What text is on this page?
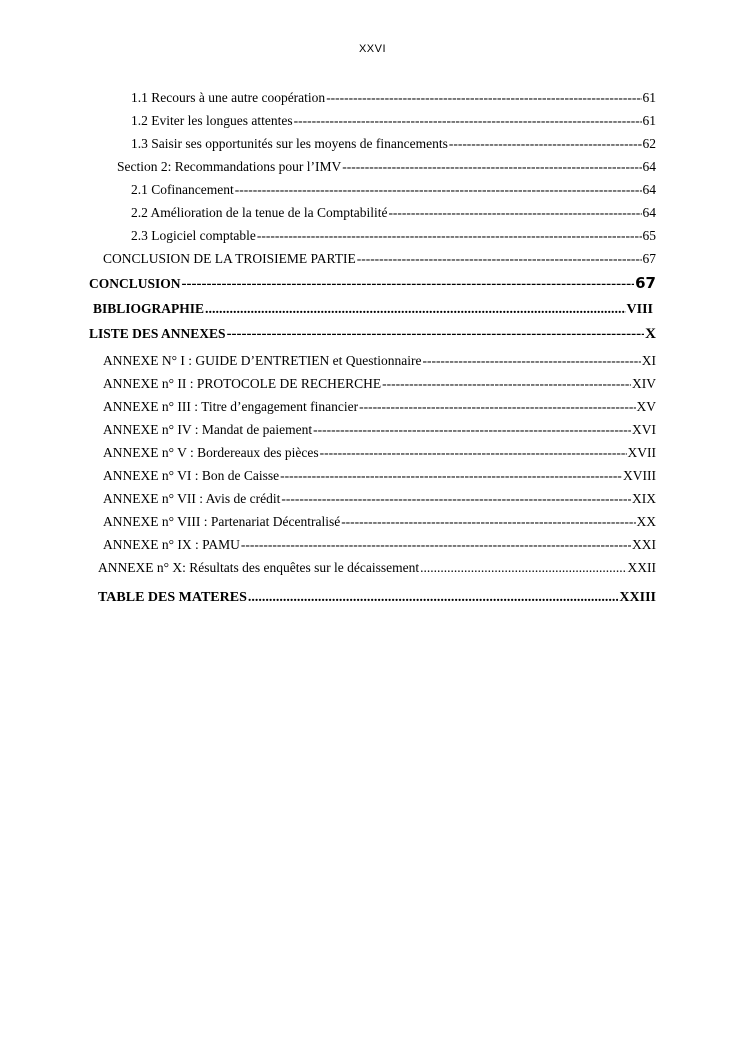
XXVI
1.1 Recours à une autre coopération -----	61
1.2 Eviter les longues attentes -----	61
1.3 Saisir ses opportunités sur les moyens de financements -----	62
Section 2: Recommandations pour l’IMV -----	64
2.1 Cofinancement -----	64
2.2 Amélioration de la tenue de la Comptabilité -----	64
2.3 Logiciel comptable -----	65
CONCLUSION DE LA TROISIEME PARTIE -----	67
CONCLUSION -----	67
BIBLIOGRAPHIE .....	VIII
LISTE DES ANNEXES -----	X
ANNEXE N° I : GUIDE D’ENTRETIEN et Questionnaire -----	XI
ANNEXE n° II : PROTOCOLE DE RECHERCHE -----	XIV
ANNEXE n° III : Titre d’engagement financier -----	XV
ANNEXE n° IV : Mandat de paiement -----	XVI
ANNEXE n° V : Bordereaux des pièces -----	XVII
ANNEXE n° VI : Bon de Caisse -----	XVIII
ANNEXE n° VII : Avis de crédit -----	XIX
ANNEXE n° VIII : Partenariat Décentralisé -----	XX
ANNEXE n° IX : PAMU -----	XXI
ANNEXE n° X: Résultats des enquêtes sur le décaissement .....	XXII
TABLE DES MATERES .....	XXIII
